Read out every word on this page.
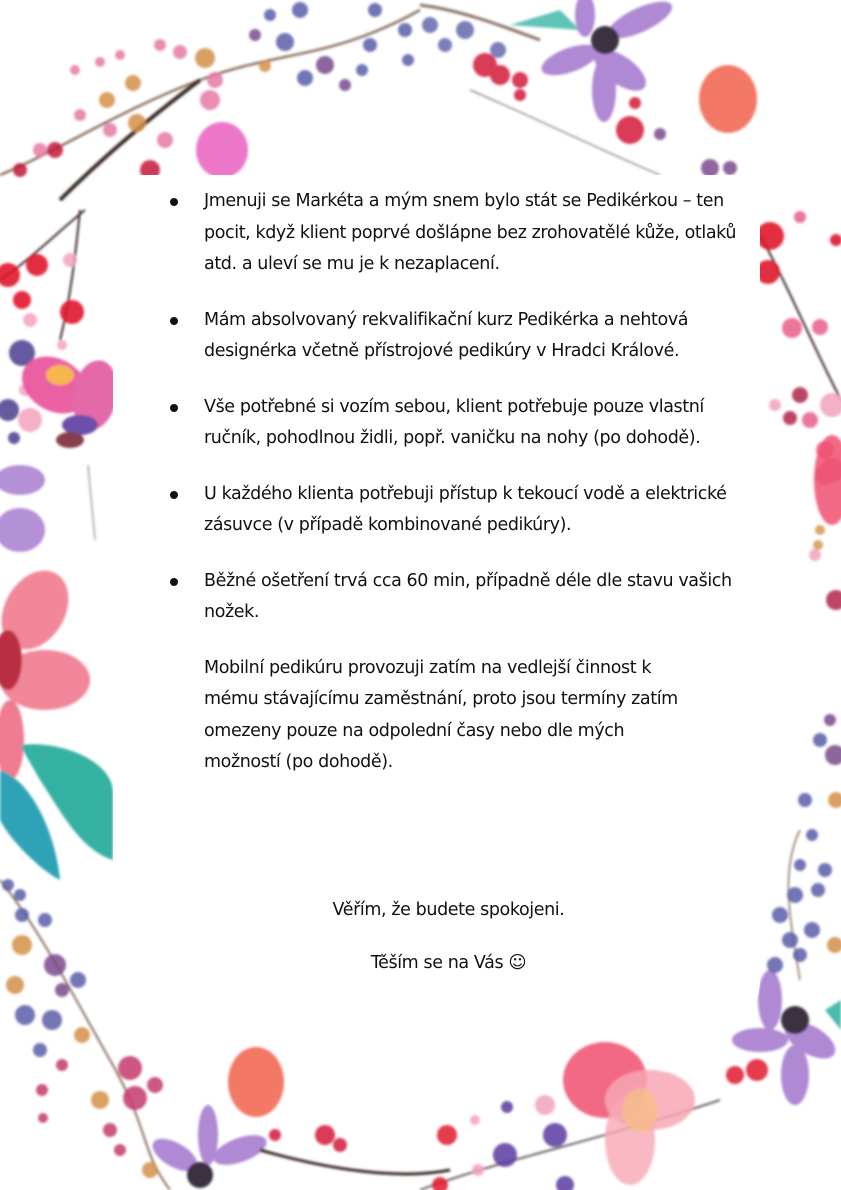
Jmenuji se Markéta a mým snem bylo stát se Pedikérkou – ten pocit, když klient poprvé došlápne bez zrohovatělé kůže, otlaků atd. a uleví se mu je k nezaplacení.
Mám absolvovaný rekvalifikační kurz Pedikérka a nehtová designérka včetně přístrojové pedikúry v Hradci Králové.
Vše potřebné si vozím sebou, klient potřebuje pouze vlastní ručník, pohodlnou židli, popř. vaničku na nohy (po dohodě).
U každého klienta potřebuji přístup k tekoucí vodě a elektrické zásuvce (v případě kombinované pedikúry).
Běžné ošetření trvá cca 60 min, případně déle dle stavu vašich nožek.

Mobilní pedikúru provozuji zatím na vedlejší činnost k mému stávajícímu zaměstnání, proto jsou termíny zatím omezeny pouze na odpolední časy nebo dle mých možností (po dohodě).

Věřím, že budete spokojeni.
Těším se na Vás ☺
